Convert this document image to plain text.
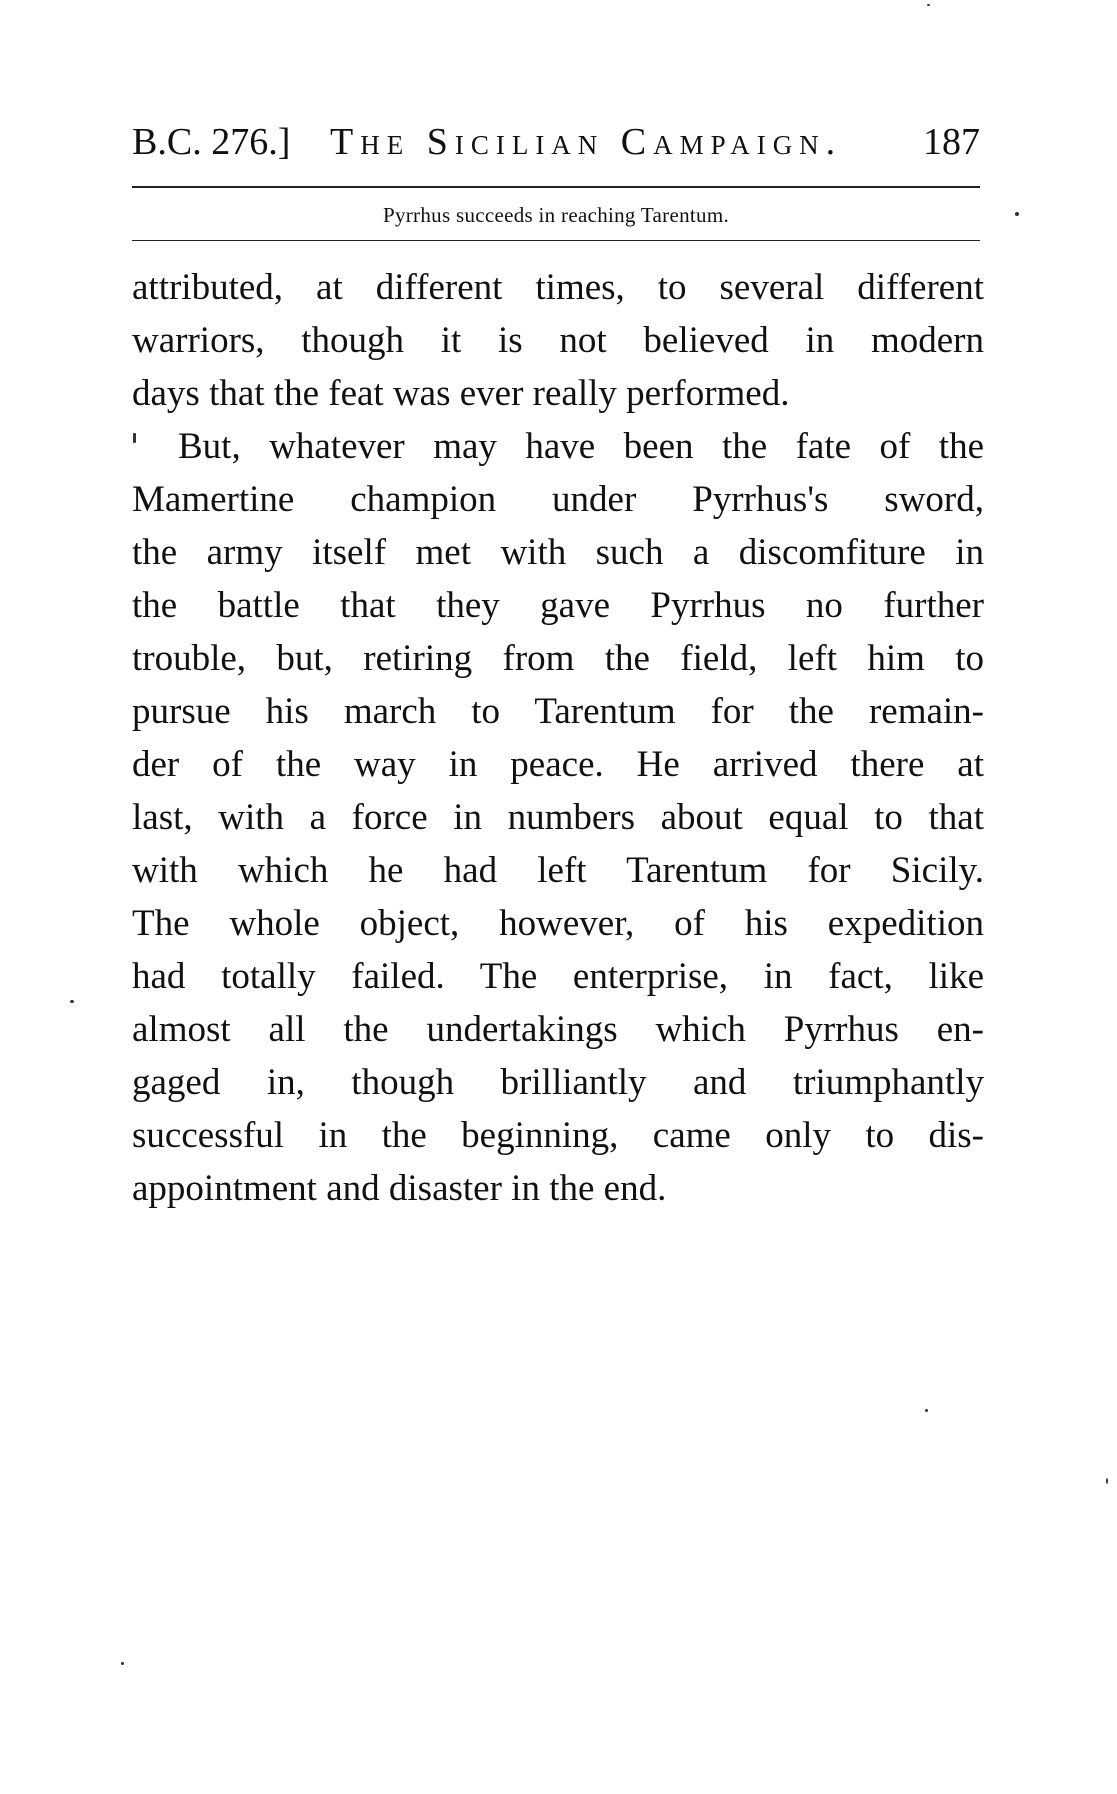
B.C. 276.] The Sicilian Campaign. 187
Pyrrhus succeeds in reaching Tarentum.
attributed, at different times, to several different
warriors, though it is not believed in modern
days that the feat was ever really performed.
But, whatever may have been the fate of the
Mamertine champion under Pyrrhus's sword,
the army itself met with such a discomfiture in
the battle that they gave Pyrrhus no further
trouble, but, retiring from the field, left him to
pursue his march to Tarentum for the remain-
der of the way in peace. He arrived there at
last, with a force in numbers about equal to that
with which he had left Tarentum for Sicily.
The whole object, however, of his expedition
had totally failed. The enterprise, in fact, like
almost all the undertakings which Pyrrhus en-
gaged in, though brilliantly and triumphantly
successful in the beginning, came only to dis-
appointment and disaster in the end.
